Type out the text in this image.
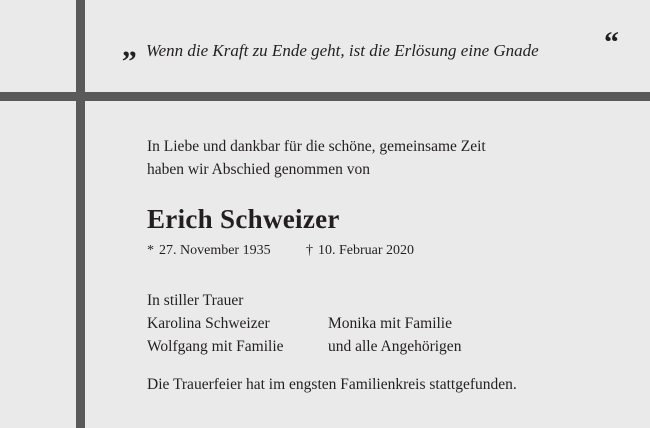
„ Wenn die Kraft zu Ende geht, ist die Erlösung eine Gnade “
In Liebe und dankbar für die schöne, gemeinsame Zeit
haben wir Abschied genommen von
Erich Schweizer
* 27. November 1935	† 10. Februar 2020
In stiller Trauer
Karolina Schweizer
Wolfgang mit Familie
Monika mit Familie
und alle Angehörigen
Die Trauerfeier hat im engsten Familienkreis stattgefunden.
